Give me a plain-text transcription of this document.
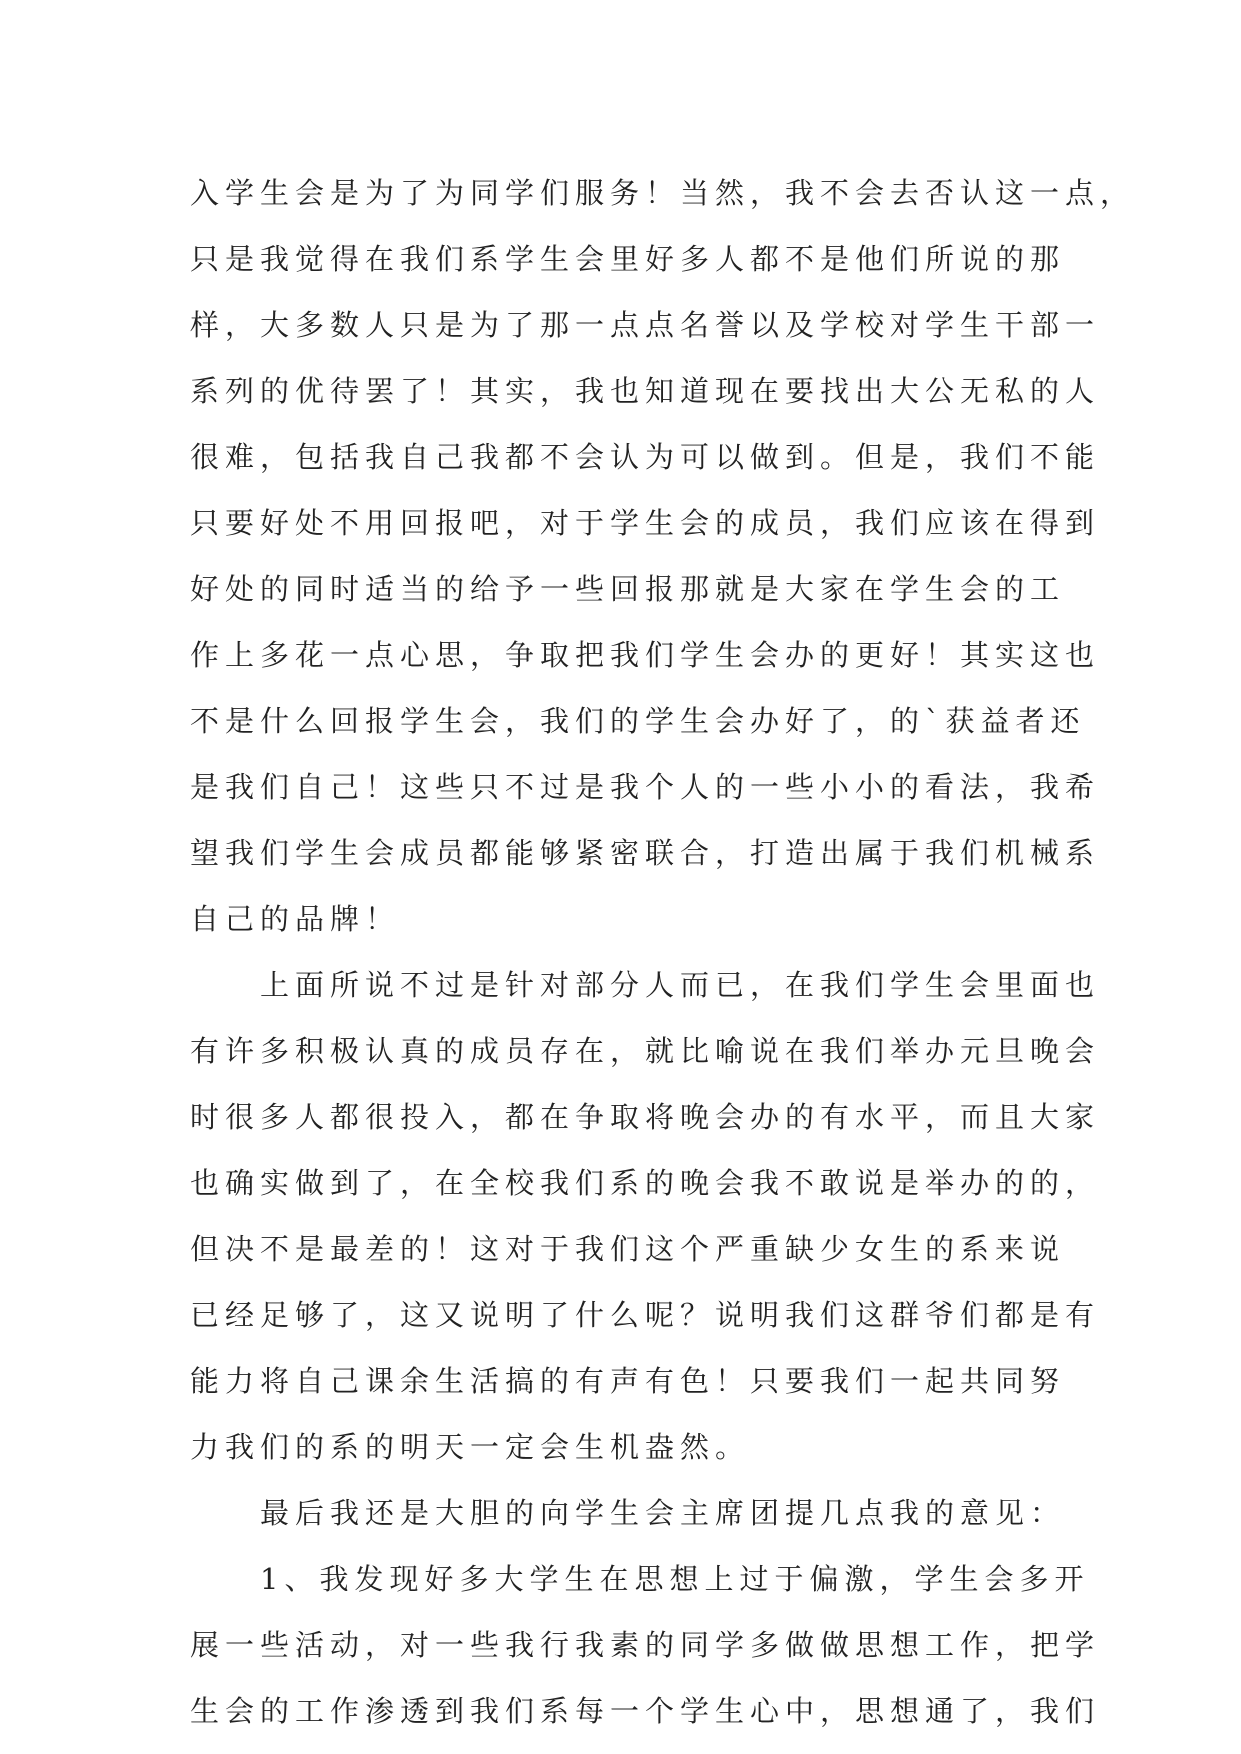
入学生会是为了为同学们服务！当然，我不会去否认这一点，
只是我觉得在我们系学生会里好多人都不是他们所说的那
样，大多数人只是为了那一点点名誉以及学校对学生干部一
系列的优待罢了！其实，我也知道现在要找出大公无私的人
很难，包括我自己我都不会认为可以做到。但是，我们不能
只要好处不用回报吧，对于学生会的成员，我们应该在得到
好处的同时适当的给予一些回报那就是大家在学生会的工
作上多花一点心思，争取把我们学生会办的更好！其实这也
不是什么回报学生会，我们的学生会办好了，的`获益者还
是我们自己！这些只不过是我个人的一些小小的看法，我希
望我们学生会成员都能够紧密联合，打造出属于我们机械系
自己的品牌！
　　上面所说不过是针对部分人而已，在我们学生会里面也
有许多积极认真的成员存在，就比喻说在我们举办元旦晚会
时很多人都很投入，都在争取将晚会办的有水平，而且大家
也确实做到了，在全校我们系的晚会我不敢说是举办的的，
但决不是最差的！这对于我们这个严重缺少女生的系来说
已经足够了，这又说明了什么呢？说明我们这群爷们都是有
能力将自己课余生活搞的有声有色！只要我们一起共同努
力我们的系的明天一定会生机盎然。
　　最后我还是大胆的向学生会主席团提几点我的意见：
　　1、我发现好多大学生在思想上过于偏激，学生会多开
展一些活动，对一些我行我素的同学多做做思想工作，把学
生会的工作渗透到我们系每一个学生心中，思想通了，我们
